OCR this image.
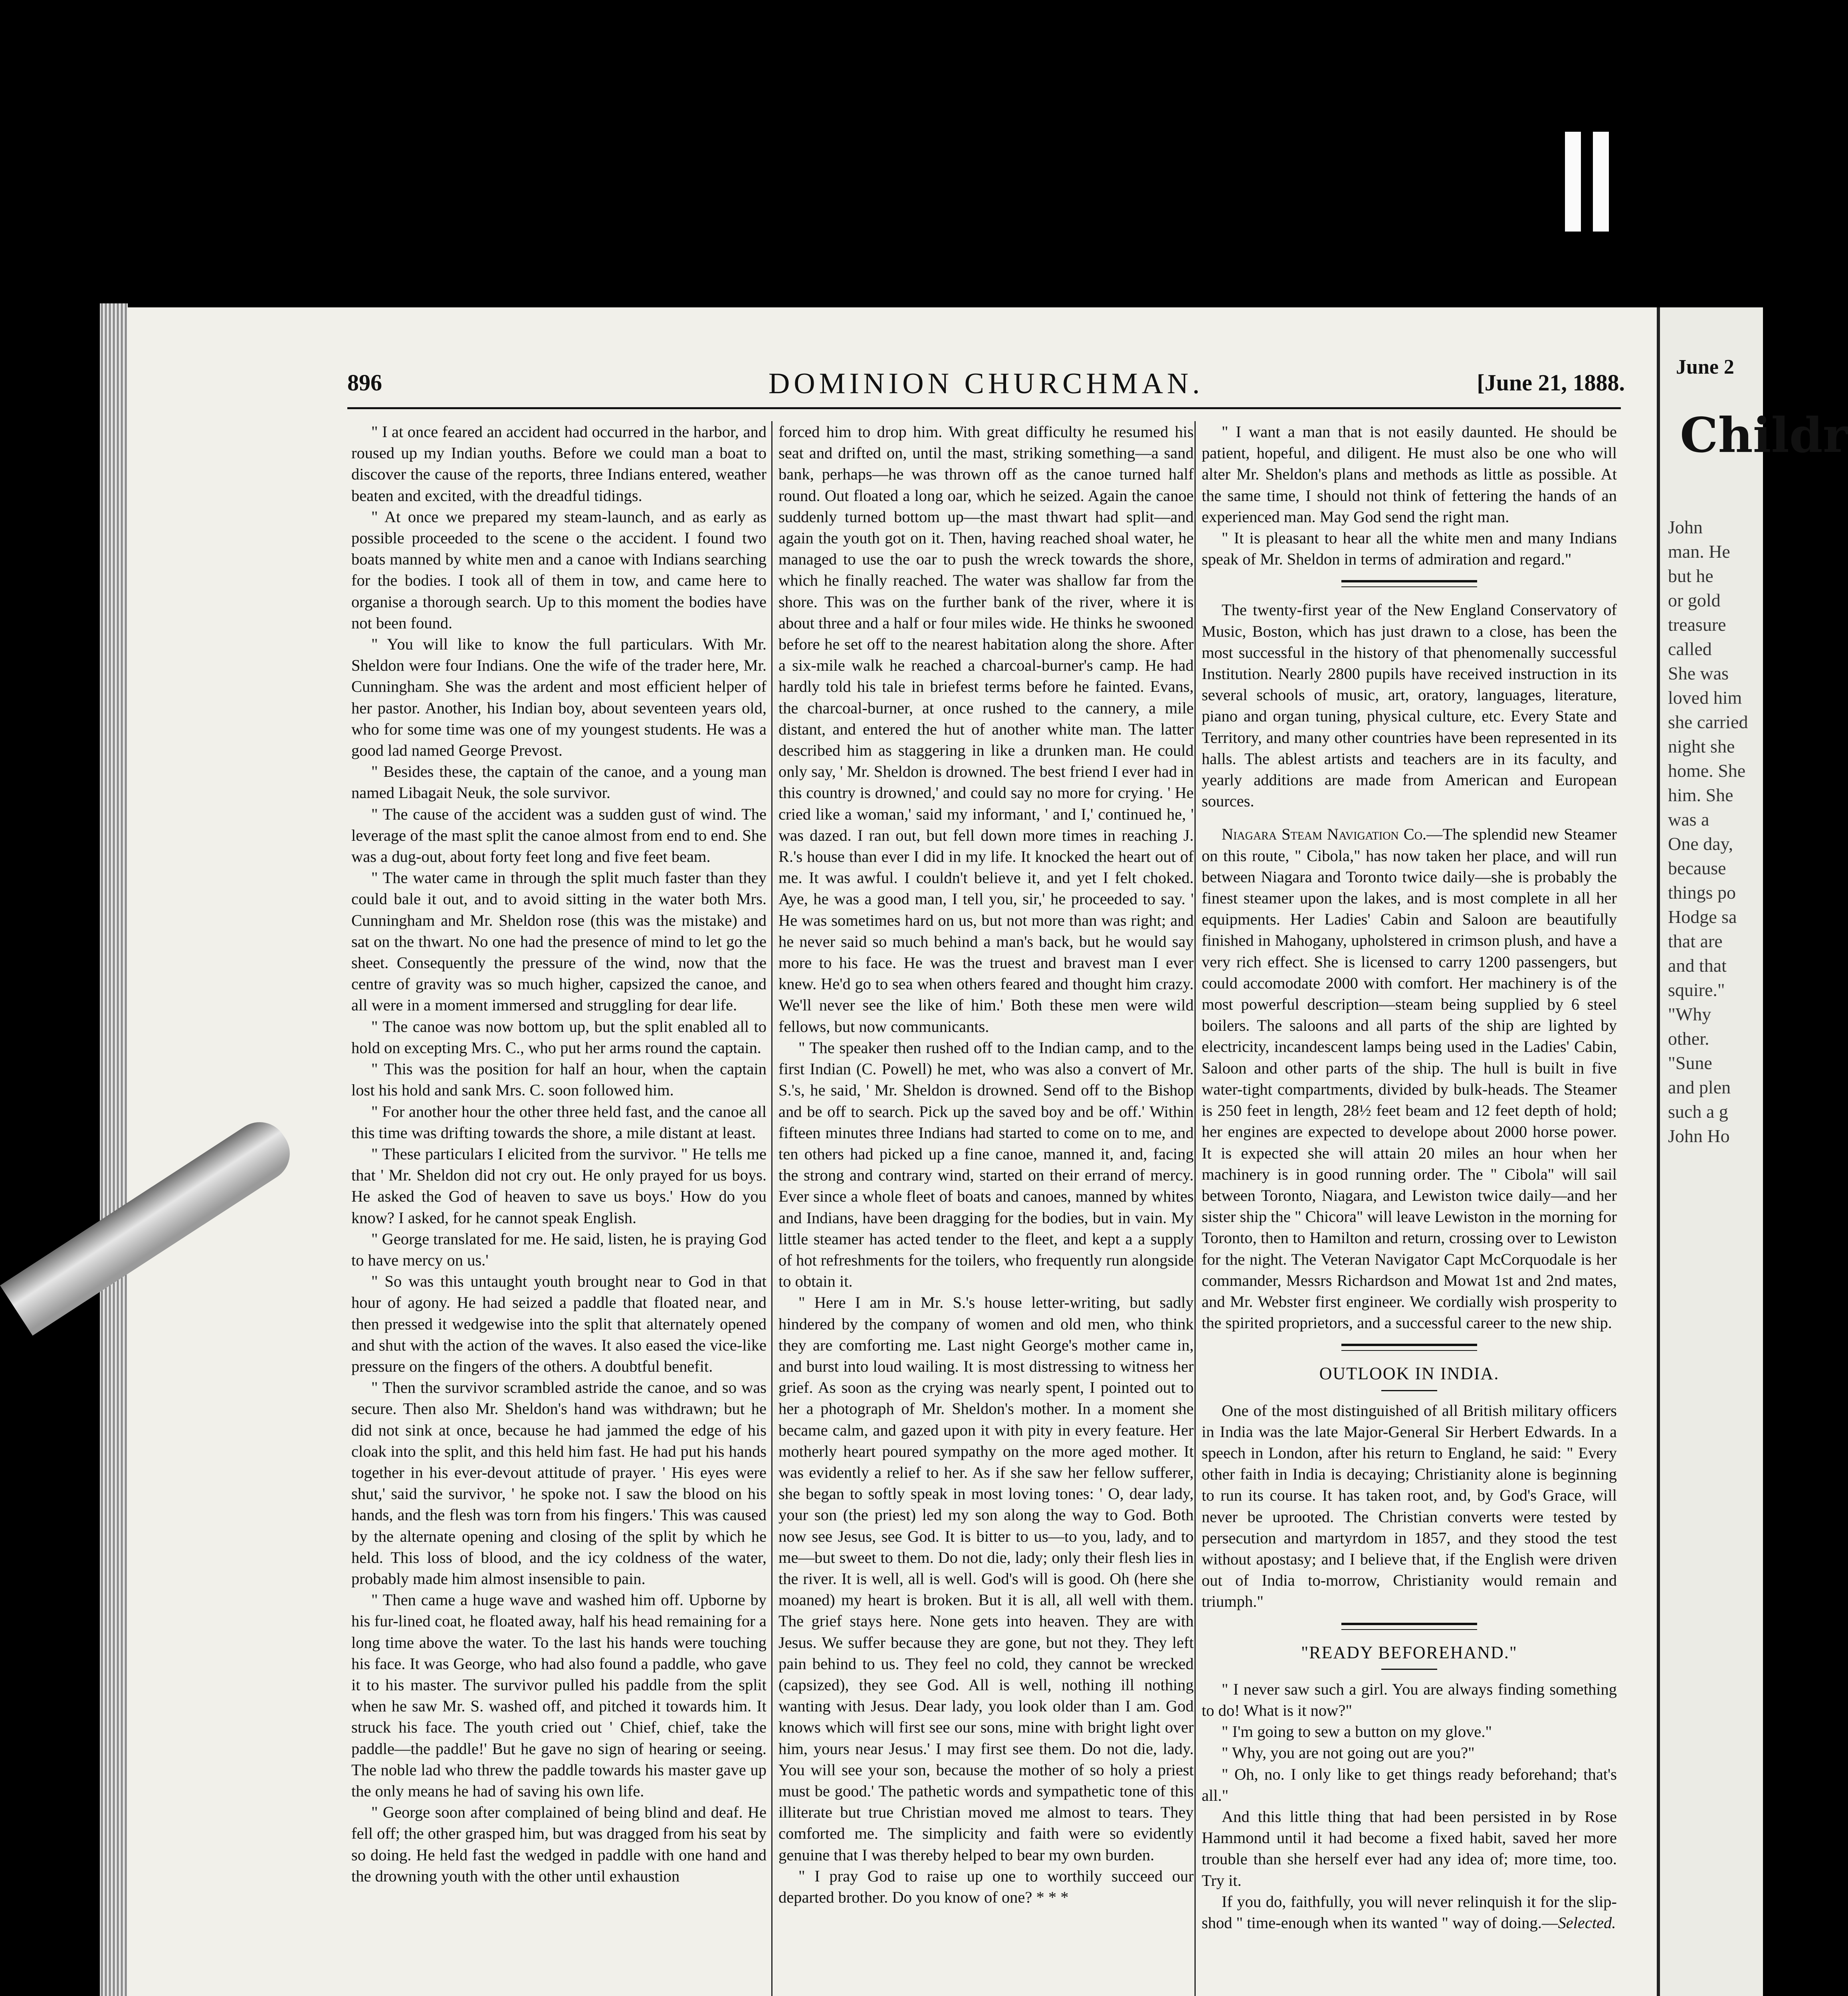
896	DOMINION CHURCHMAN.	[June 21, 1888.

" I at once feared an accident had occurred in the harbor, and roused up my Indian youths. Before we could man a boat to discover the cause of the reports, three Indians entered, weather beaten and excited, with the dreadful tidings.

" At once we prepared my steam-launch, and as early as possible proceeded to the scene o the accident. I found two boats manned by white men and a canoe with Indians searching for the bodies. I took all of them in tow, and came here to organise a thorough search. Up to this moment the bodies have not been found.

" You will like to know the full particulars. With Mr. Sheldon were four Indians. One the wife of the trader here, Mr. Cunningham. She was the ardent and most efficient helper of her pastor. Another, his Indian boy, about seventeen years old, who for some time was one of my youngest students. He was a good lad named George Prevost.

" Besides these, the captain of the canoe, and a young man named Libagait Neuk, the sole survivor.

" The cause of the accident was a sudden gust of wind. The leverage of the mast split the canoe almost from end to end. She was a dug-out, about forty feet long and five feet beam.

" The water came in through the split much faster than they could bale it out, and to avoid sitting in the water both Mrs. Cunningham and Mr. Sheldon rose (this was the mistake) and sat on the thwart. No one had the presence of mind to let go the sheet. Consequently the pressure of the wind, now that the centre of gravity was so much higher, capsized the canoe, and all were in a moment immersed and struggling for dear life.

" The canoe was now bottom up, but the split enabled all to hold on excepting Mrs. C., who put her arms round the captain.

" This was the position for half an hour, when the captain lost his hold and sank Mrs. C. soon followed him.

" For another hour the other three held fast, and the canoe all this time was drifting towards the shore, a mile distant at least.

" These particulars I elicited from the survivor. " He tells me that ' Mr. Sheldon did not cry out. He only prayed for us boys. He asked the God of heaven to save us boys.' How do you know? I asked, for he cannot speak English.

" George translated for me. He said, listen, he is praying God to have mercy on us.'

" So was this untaught youth brought near to God in that hour of agony. He had seized a paddle that floated near, and then pressed it wedgewise into the split that alternately opened and shut with the action of the waves. It also eased the vice-like pressure on the fingers of the others. A doubtful benefit.

" Then the survivor scrambled astride the canoe, and so was secure. Then also Mr. Sheldon's hand was withdrawn; but he did not sink at once, because he had jammed the edge of his cloak into the split, and this held him fast. He had put his hands together in his ever-devout attitude of prayer. ' His eyes were shut,' said the survivor, ' he spoke not. I saw the blood on his hands, and the flesh was torn from his fingers.' This was caused by the alternate opening and closing of the split by which he held. This loss of blood, and the icy coldness of the water, probably made him almost insensible to pain.

" Then came a huge wave and washed him off. Upborne by his fur-lined coat, he floated away, half his head remaining for a long time above the water. To the last his hands were touching his face. It was George, who had also found a paddle, who gave it to his master. The survivor pulled his paddle from the split when he saw Mr. S. washed off, and pitched it towards him. It struck his face. The youth cried out ' Chief, chief, take the paddle—the paddle!' But he gave no sign of hearing or seeing. The noble lad who threw the paddle towards his master gave up the only means he had of saving his own life.

" George soon after complained of being blind and deaf. He fell off; the other grasped him, but was dragged from his seat by so doing. He held fast the wedged in paddle with one hand and the drowning youth with the other until exhaustion

forced him to drop him. With great difficulty he resumed his seat and drifted on, until the mast, striking something—a sand bank, perhaps—he was thrown off as the canoe turned half round. Out floated a long oar, which he seized. Again the canoe suddenly turned bottom up—the mast thwart had split—and again the youth got on it. Then, having reached shoal water, he managed to use the oar to push the wreck towards the shore, which he finally reached. The water was shallow far from the shore. This was on the further bank of the river, where it is about three and a half or four miles wide. He thinks he swooned before he set off to the nearest habitation along the shore. After a six-mile walk he reached a charcoal-burner's camp. He had hardly told his tale in briefest terms before he fainted. Evans, the charcoal-burner, at once rushed to the cannery, a mile distant, and entered the hut of another white man. The latter described him as staggering in like a drunken man. He could only say, ' Mr. Sheldon is drowned. The best friend I ever had in this country is drowned,' and could say no more for crying. ' He cried like a woman,' said my informant, ' and I,' continued he, ' was dazed. I ran out, but fell down more times in reaching J. R.'s house than ever I did in my life. It knocked the heart out of me. It was awful. I couldn't believe it, and yet I felt choked. Aye, he was a good man, I tell you, sir,' he proceeded to say. ' He was sometimes hard on us, but not more than was right; and he never said so much behind a man's back, but he would say more to his face. He was the truest and bravest man I ever knew. He'd go to sea when others feared and thought him crazy. We'll never see the like of him.' Both these men were wild fellows, but now communicants.

" The speaker then rushed off to the Indian camp, and to the first Indian (C. Powell) he met, who was also a convert of Mr. S.'s, he said, ' Mr. Sheldon is drowned. Send off to the Bishop and be off to search. Pick up the saved boy and be off.' Within fifteen minutes three Indians had started to come on to me, and ten others had picked up a fine canoe, manned it, and, facing the strong and contrary wind, started on their errand of mercy. Ever since a whole fleet of boats and canoes, manned by whites and Indians, have been dragging for the bodies, but in vain. My little steamer has acted tender to the fleet, and kept a a supply of hot refreshments for the toilers, who frequently run alongside to obtain it.

" Here I am in Mr. S.'s house letter-writing, but sadly hindered by the company of women and old men, who think they are comforting me. Last night George's mother came in, and burst into loud wailing. It is most distressing to witness her grief. As soon as the crying was nearly spent, I pointed out to her a photograph of Mr. Sheldon's mother. In a moment she became calm, and gazed upon it with pity in every feature. Her motherly heart poured sympathy on the more aged mother. It was evidently a relief to her. As if she saw her fellow sufferer, she began to softly speak in most loving tones: ' O, dear lady, your son (the priest) led my son along the way to God. Both now see Jesus, see God. It is bitter to us—to you, lady, and to me—but sweet to them. Do not die, lady; only their flesh lies in the river. It is well, all is well. God's will is good. Oh (here she moaned) my heart is broken. But it is all, all well with them. The grief stays here. None gets into heaven. They are with Jesus. We suffer because they are gone, but not they. They left pain behind to us. They feel no cold, they cannot be wrecked (capsized), they see God. All is well, nothing ill nothing wanting with Jesus. Dear lady, you look older than I am. God knows which will first see our sons, mine with bright light over him, yours near Jesus.' I may first see them. Do not die, lady. You will see your son, because the mother of so holy a priest must be good.' The pathetic words and sympathetic tone of this illiterate but true Christian moved me almost to tears. They comforted me. The simplicity and faith were so evidently genuine that I was thereby helped to bear my own burden.

" I pray God to raise up one to worthily succeed our departed brother. Do you know of one? * * *

" I want a man that is not easily daunted. He should be patient, hopeful, and diligent. He must also be one who will alter Mr. Sheldon's plans and methods as little as possible. At the same time, I should not think of fettering the hands of an experienced man. May God send the right man.

" It is pleasant to hear all the white men and many Indians speak of Mr. Sheldon in terms of admiration and regard."

The twenty-first year of the New England Conservatory of Music, Boston, which has just drawn to a close, has been the most successful in the history of that phenomenally successful Institution. Nearly 2800 pupils have received instruction in its several schools of music, art, oratory, languages, literature, piano and organ tuning, physical culture, etc. Every State and Territory, and many other countries have been represented in its halls. The ablest artists and teachers are in its faculty, and yearly additions are made from American and European sources.

Niagara Steam Navigation Co.—The splendid new Steamer on this route, " Cibola," has now taken her place, and will run between Niagara and Toronto twice daily—she is probably the finest steamer upon the lakes, and is most complete in all her equipments. Her Ladies' Cabin and Saloon are beautifully finished in Mahogany, upholstered in crimson plush, and have a very rich effect. She is licensed to carry 1200 passengers, but could accomodate 2000 with comfort. Her machinery is of the most powerful description—steam being supplied by 6 steel boilers. The saloons and all parts of the ship are lighted by electricity, incandescent lamps being used in the Ladies' Cabin, Saloon and other parts of the ship. The hull is built in five water-tight compartments, divided by bulk-heads. The Steamer is 250 feet in length, 28½ feet beam and 12 feet depth of hold; her engines are expected to develope about 2000 horse power. It is expected she will attain 20 miles an hour when her machinery is in good running order. The " Cibola" will sail between Toronto, Niagara, and Lewiston twice daily—and her sister ship the " Chicora" will leave Lewiston in the morning for Toronto, then to Hamilton and return, crossing over to Lewiston for the night. The Veteran Navigator Capt McCorquodale is her commander, Messrs Richardson and Mowat 1st and 2nd mates, and Mr. Webster first engineer. We cordially wish prosperity to the spirited proprietors, and a successful career to the new ship.

OUTLOOK IN INDIA.

One of the most distinguished of all British military officers in India was the late Major-General Sir Herbert Edwards. In a speech in London, after his return to England, he said: " Every other faith in India is decaying; Christianity alone is beginning to run its course. It has taken root, and, by God's Grace, will never be uprooted. The Christian converts were tested by persecution and martyrdom in 1857, and they stood the test without apostasy; and I believe that, if the English were driven out of India to-morrow, Christianity would remain and triumph."

"READY BEFOREHAND."

" I never saw such a girl. You are always finding something to do! What is it now?"

" I'm going to sew a button on my glove."

" Why, you are not going out are you?"

" Oh, no. I only like to get things ready beforehand; that's all."

And this little thing that had been persisted in by Rose Hammond until it had become a fixed habit, saved her more trouble than she herself ever had any idea of; more time, too. Try it.

If you do, faithfully, you will never relinquish it for the slip-shod " time-enough when its wanted " way of doing.—Selected.

June 2
Childr
John
man. He
but he
or gold
treasure
called
She was
loved him
she carried
night she
home. She
him. She
was a
One day,
because
things po
Hodge sa
that are
and that
squire."
"Why
other.
"Sune
and plen
such a g
John Ho
